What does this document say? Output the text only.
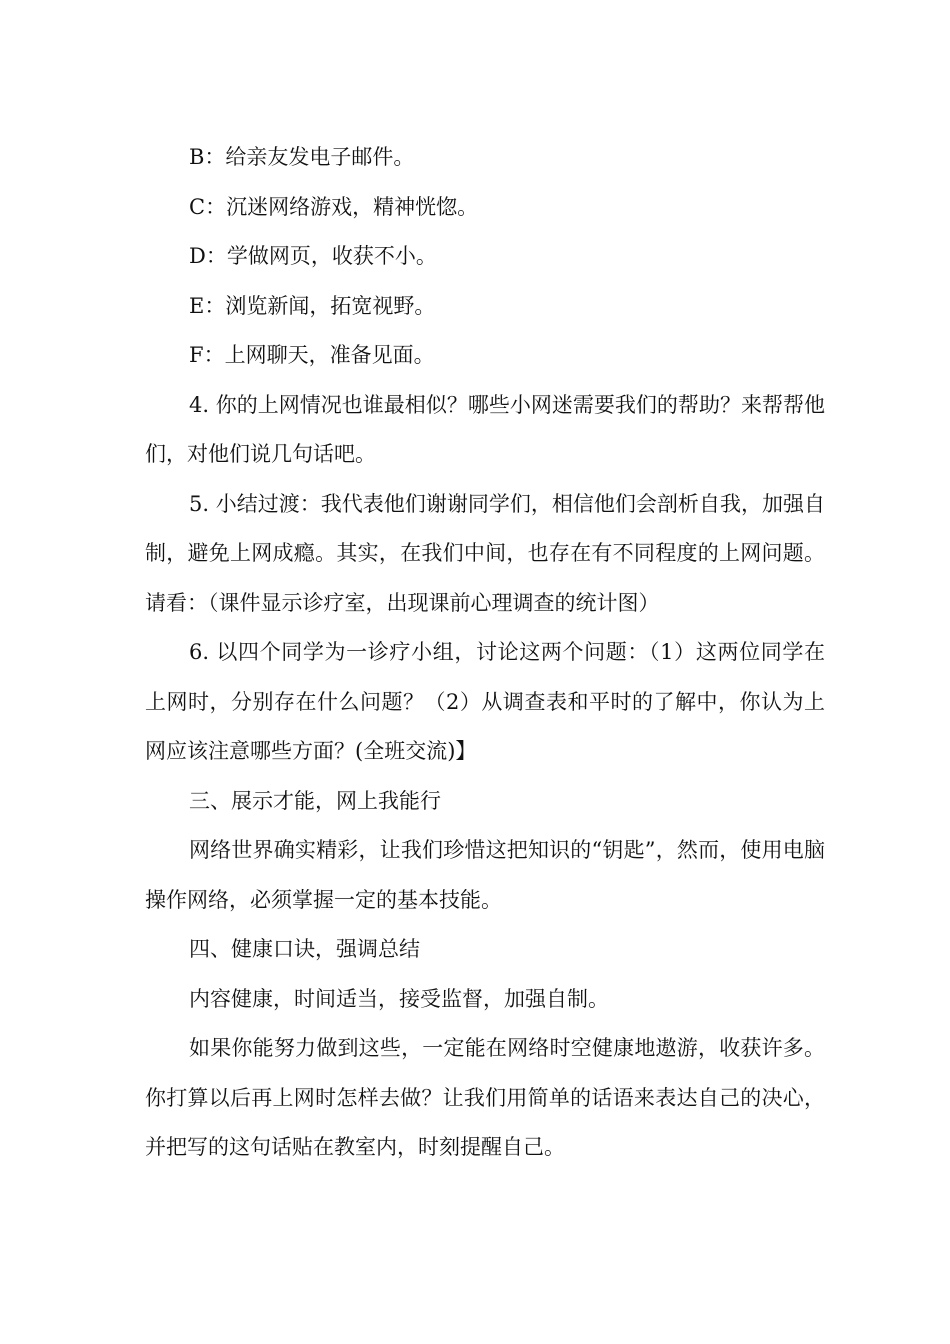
B：给亲友发电子邮件。

C：沉迷网络游戏，精神恍惚。

D：学做网页，收获不小。

E：浏览新闻，拓宽视野。

F：上网聊天，准备见面。

4. 你的上网情况也谁最相似？哪些小网迷需要我们的帮助？来帮帮他们，对他们说几句话吧。

5. 小结过渡：我代表他们谢谢同学们，相信他们会剖析自我，加强自制，避免上网成瘾。其实，在我们中间，也存在有不同程度的上网问题。请看：（课件显示诊疗室，出现课前心理调查的统计图）

6. 以四个同学为一诊疗小组，讨论这两个问题：（1）这两位同学在上网时，分别存在什么问题？（2）从调查表和平时的了解中，你认为上网应该注意哪些方面？(全班交流)】

三、展示才能，网上我能行

网络世界确实精彩，让我们珍惜这把知识的“钥匙”，然而，使用电脑操作网络，必须掌握一定的基本技能。

四、健康口诀，强调总结

内容健康，时间适当，接受监督，加强自制。

如果你能努力做到这些，一定能在网络时空健康地遨游，收获许多。你打算以后再上网时怎样去做？让我们用简单的话语来表达自己的决心，并把写的这句话贴在教室内，时刻提醒自己。
